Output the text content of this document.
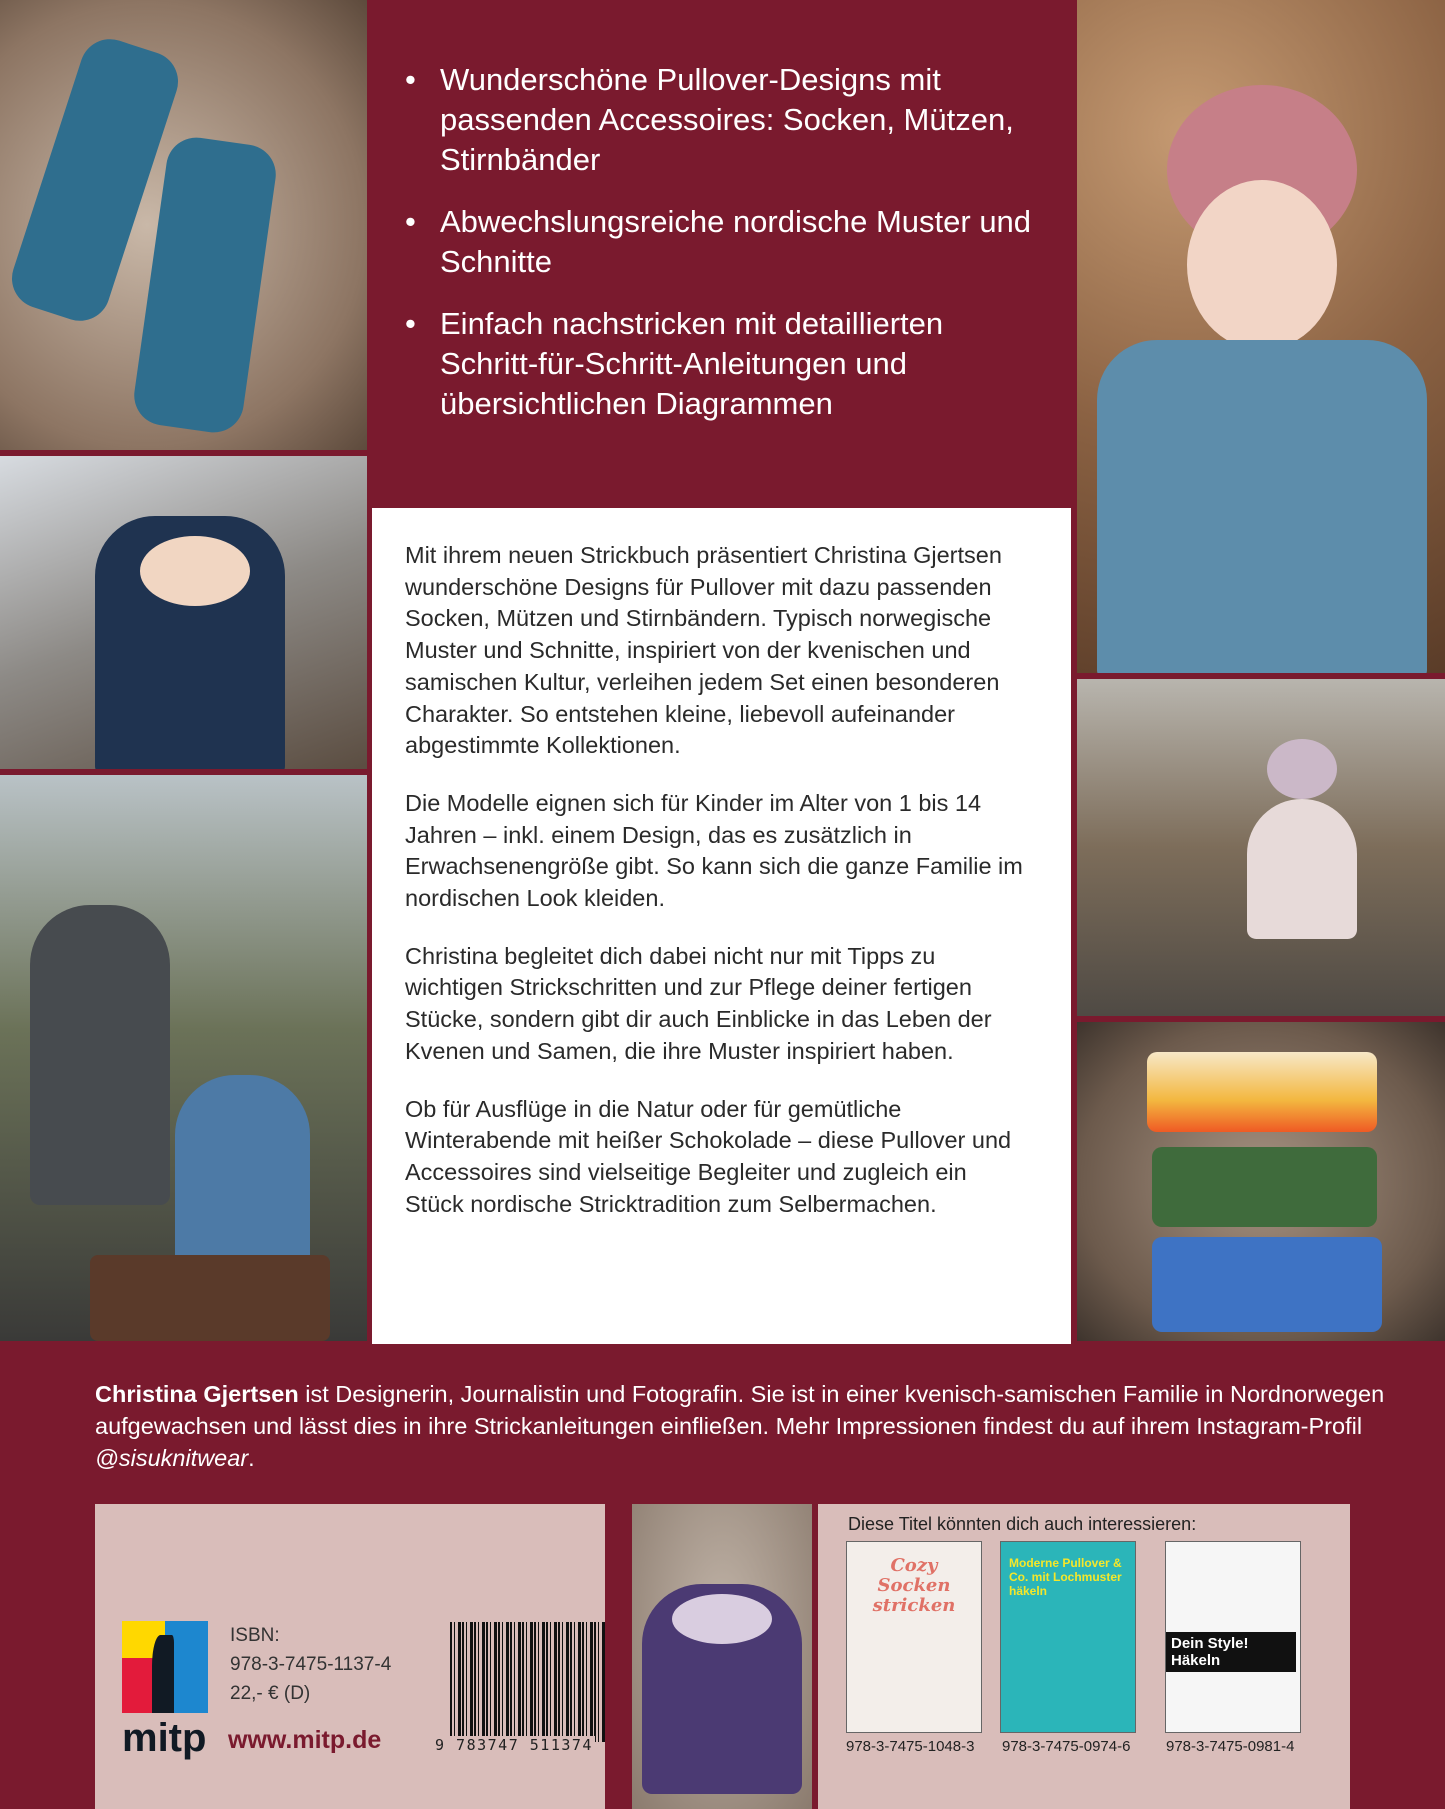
• Wunderschöne Pullover-Designs mit passenden Accessoires: Socken, Mützen, Stirnbänder
• Abwechslungsreiche nordische Muster und Schnitte
• Einfach nachstricken mit detaillierten Schritt-für-Schritt-Anleitungen und übersichtlichen Diagrammen

Mit ihrem neuen Strickbuch präsentiert Christina Gjertsen wunderschöne Designs für Pullover mit dazu passenden Socken, Mützen und Stirnbändern. Typisch norwegische Muster und Schnitte, inspiriert von der kvenischen und samischen Kultur, verleihen jedem Set einen besonderen Charakter. So entstehen kleine, liebevoll aufeinander abgestimmte Kollektionen.

Die Modelle eignen sich für Kinder im Alter von 1 bis 14 Jahren – inkl. einem Design, das es zusätzlich in Erwachsenengröße gibt. So kann sich die ganze Familie im nordischen Look kleiden.

Christina begleitet dich dabei nicht nur mit Tipps zu wichtigen Strickschritten und zur Pflege deiner fertigen Stücke, sondern gibt dir auch Einblicke in das Leben der Kvenen und Samen, die ihre Muster inspiriert haben.

Ob für Ausflüge in die Natur oder für gemütliche Winterabende mit heißer Schokolade – diese Pullover und Accessoires sind vielseitige Begleiter und zugleich ein Stück nordische Stricktradition zum Selbermachen.

Christina Gjertsen ist Designerin, Journalistin und Fotografin. Sie ist in einer kvenisch-samischen Familie in Nordnorwegen aufgewachsen und lässt dies in ihre Strickanleitungen einfließen. Mehr Impressionen findest du auf ihrem Instagram-Profil @sisuknitwear.
mitp
ISBN:
978-3-7475-1137-4
22,- € (D)
www.mitp.de	9 783747 511374
Diese Titel könnten dich auch interessieren:
Cozy Socken stricken
Moderne Pullover & Co. mit Lochmuster häkeln
Dein Style! Häkeln
978-3-7475-1048-3 978-3-7475-0974-6 978-3-7475-0981-4
